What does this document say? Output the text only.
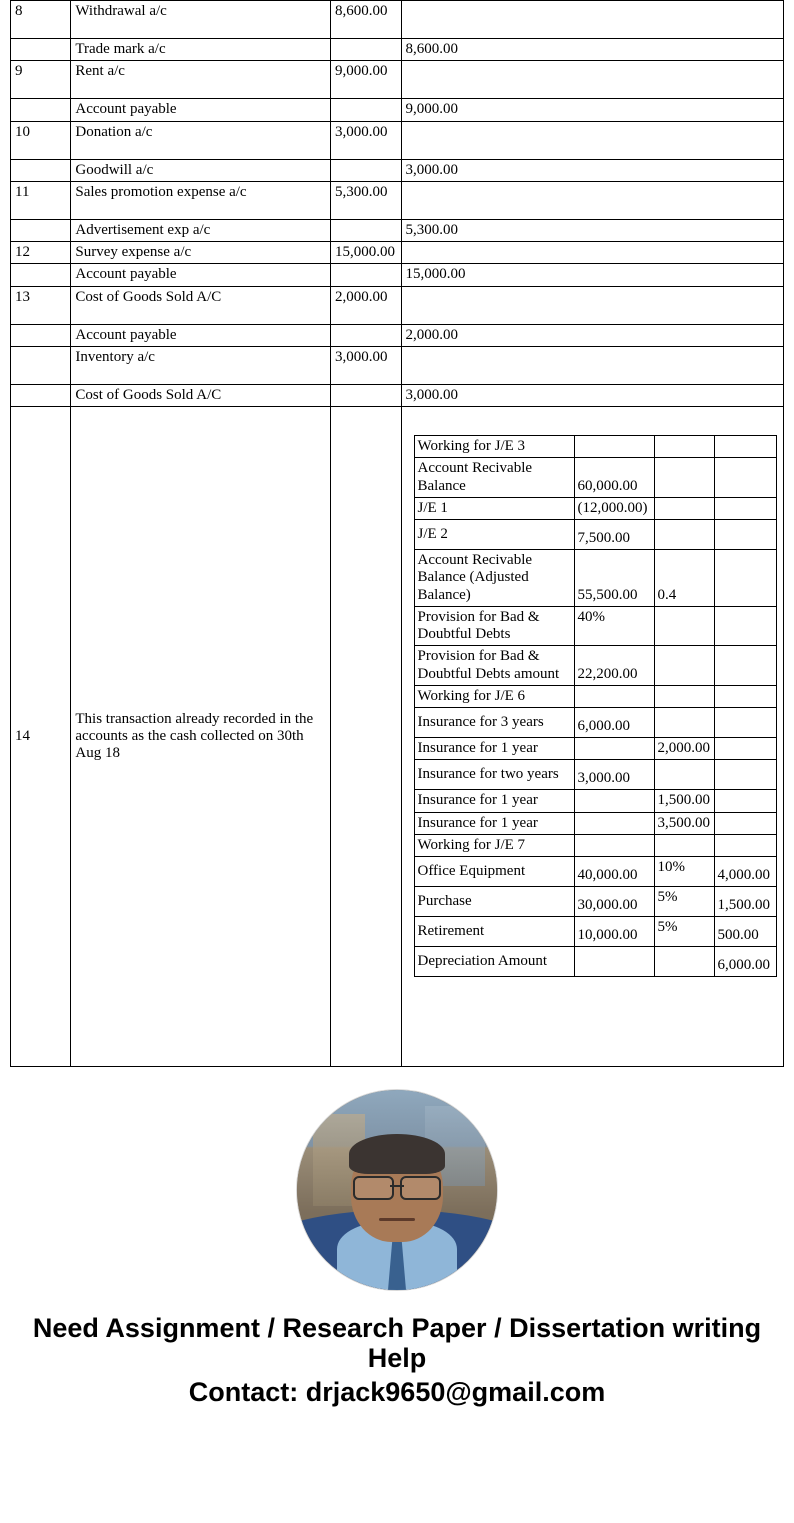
8	Withdrawal a/c	8,600.00	
	Trade mark a/c		8,600.00
9	Rent a/c	9,000.00	
	Account payable		9,000.00
10	Donation a/c	3,000.00	
	Goodwill a/c		3,000.00
11	Sales promotion expense a/c	5,300.00	
	Advertisement exp a/c		5,300.00
12	Survey expense a/c	15,000.00	
	Account payable		15,000.00
13	Cost of Goods Sold A/C	2,000.00	
	Account payable		2,000.00
	Inventory a/c	3,000.00	
	Cost of Goods Sold A/C		3,000.00
14	This transaction already recorded in the accounts as the cash collected on 30th Aug 18		
Working for J/E 3			
Account Recivable Balance	60,000.00		
J/E 1	(12,000.00)		
J/E 2	7,500.00		
Account Recivable Balance (Adjusted Balance)	55,500.00	0.4	
Provision for Bad & Doubtful Debts	40%		
Provision for Bad & Doubtful Debts amount	22,200.00		
Working for J/E 6			
Insurance for 3 years	6,000.00		
Insurance for 1 year		2,000.00	
Insurance for two years	3,000.00		
Insurance for 1 year		1,500.00	
Insurance for 1 year		3,500.00	
Working for J/E 7			
Office Equipment	40,000.00	10%	4,000.00
Purchase	30,000.00	5%	1,500.00
Retirement	10,000.00	5%	500.00
Depreciation Amount			6,000.00
Need Assignment / Research Paper / Dissertation writing Help
Contact: drjack9650@gmail.com
